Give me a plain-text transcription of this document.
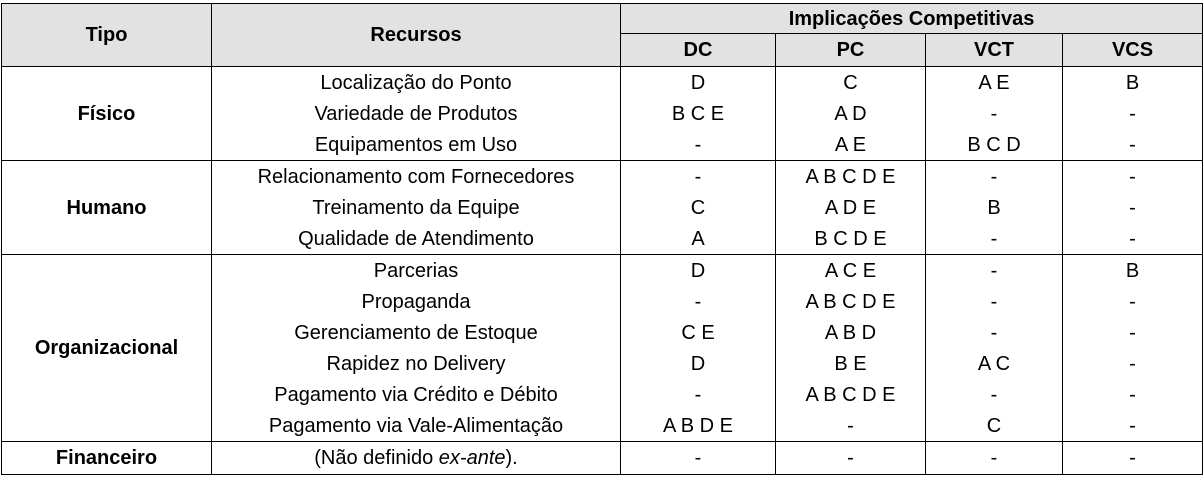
Tipo	Recursos	Implicações Competitivas			
		DC	PC	VCT	VCS
Físico	Localização do Ponto	D	C	A E	B
	Variedade de Produtos	B C E	A D	-	-
	Equipamentos em Uso	-	A E	B C D	-
Humano	Relacionamento com Fornecedores	-	A B C D E	-	-
	Treinamento da Equipe	C	A D E	B	-
	Qualidade de Atendimento	A	B C D E	-	-
Organizacional	Parcerias	D	A C E	-	B
	Propaganda	-	A B C D E	-	-
	Gerenciamento de Estoque	C E	A B D	-	-
	Rapidez no Delivery	D	B E	A C	-
	Pagamento via Crédito e Débito	-	A B C D E	-	-
	Pagamento via Vale-Alimentação	A B D E	-	C	-
Financeiro	(Não definido ex-ante).	-	-	-	-
